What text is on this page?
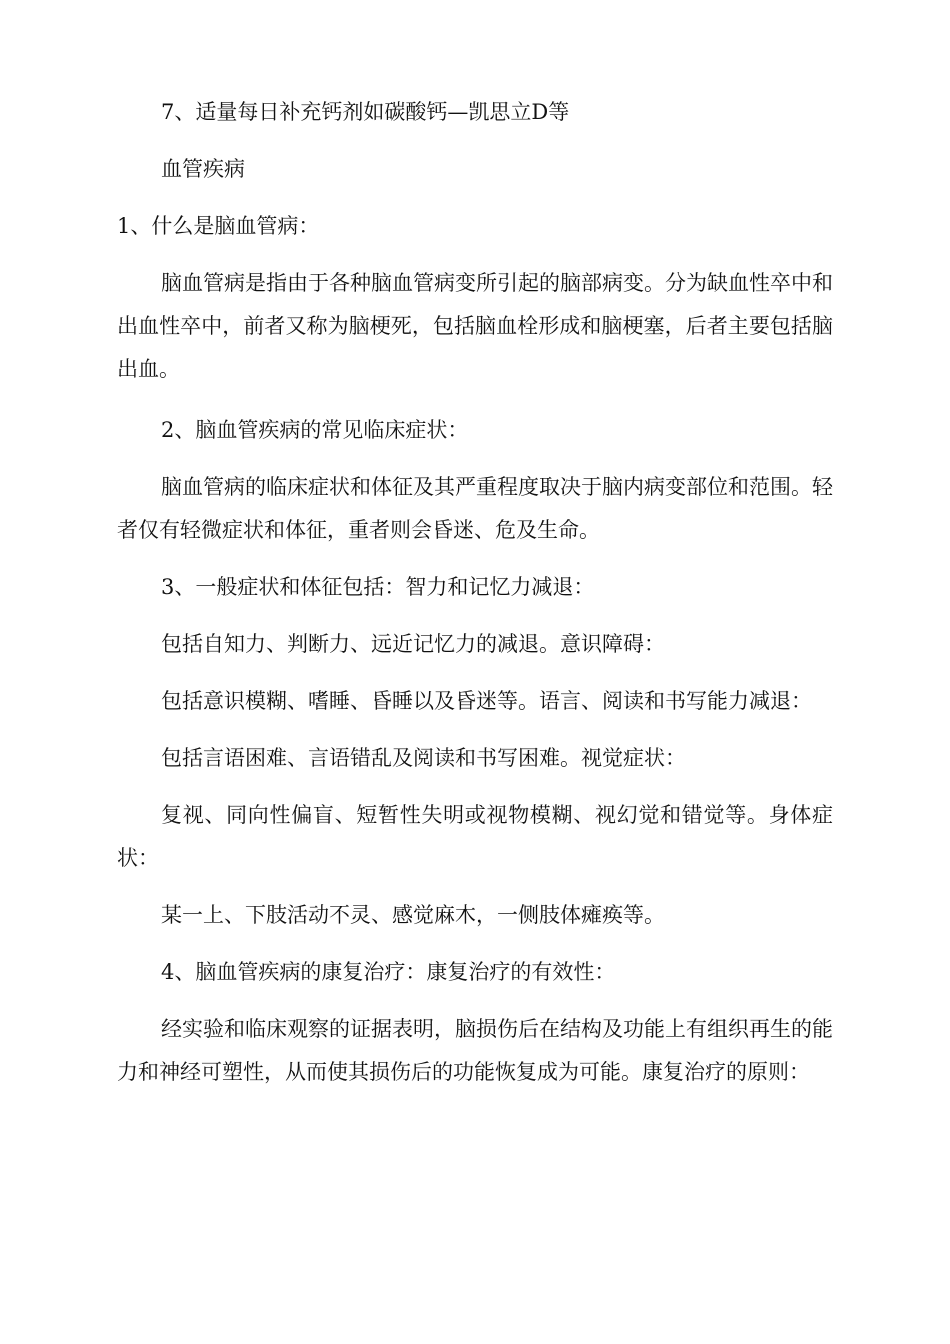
7、适量每日补充钙剂如碳酸钙—凯思立D等

血管疾病

1、什么是脑血管病：

脑血管病是指由于各种脑血管病变所引起的脑部病变。分为缺血性卒中和出血性卒中，前者又称为脑梗死，包括脑血栓形成和脑梗塞，后者主要包括脑出血。

2、脑血管疾病的常见临床症状：

脑血管病的临床症状和体征及其严重程度取决于脑内病变部位和范围。轻者仅有轻微症状和体征，重者则会昏迷、危及生命。

3、一般症状和体征包括：智力和记忆力减退：

包括自知力、判断力、远近记忆力的减退。意识障碍：

包括意识模糊、嗜睡、昏睡以及昏迷等。语言、阅读和书写能力减退：

包括言语困难、言语错乱及阅读和书写困难。视觉症状：

复视、同向性偏盲、短暂性失明或视物模糊、视幻觉和错觉等。身体症状：

某一上、下肢活动不灵、感觉麻木，一侧肢体瘫痪等。

4、脑血管疾病的康复治疗：康复治疗的有效性：

经实验和临床观察的证据表明，脑损伤后在结构及功能上有组织再生的能力和神经可塑性，从而使其损伤后的功能恢复成为可能。康复治疗的原则：
